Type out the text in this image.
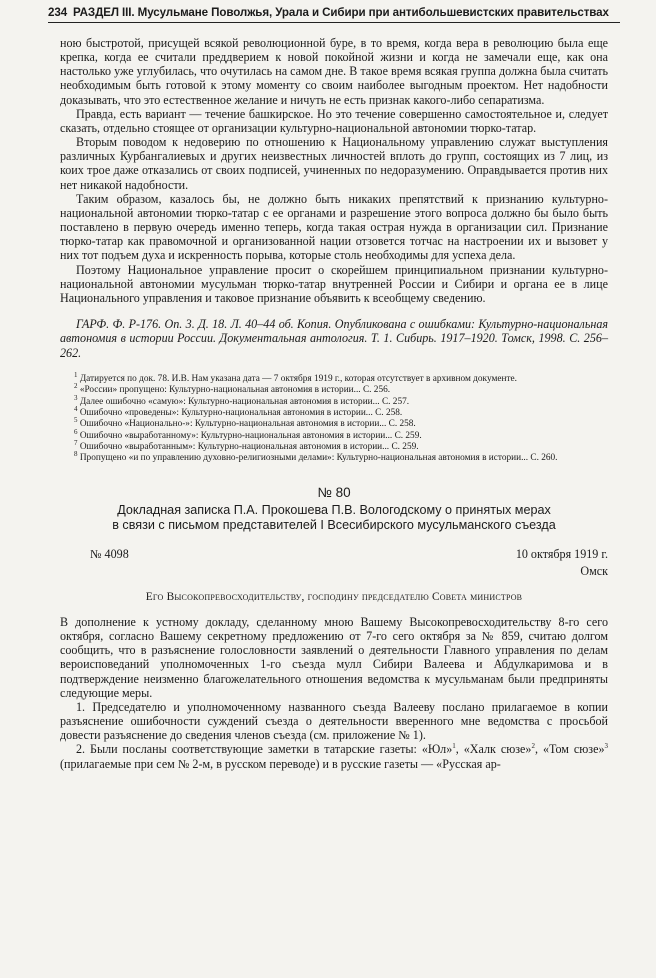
234 РАЗДЕЛ III. Мусульмане Поволжья, Урала и Сибири при антибольшевистских правительствах

ною быстротой, присущей всякой революционной буре, в то время, когда вера в революцию была еще крепка, когда ее считали преддверием к новой покойной жизни и когда не замечали еще, как она настолько уже углубилась, что очутилась на самом дне. В такое время всякая группа должна была считать необходимым быть готовой к этому моменту со своим наиболее выгодным проектом. Нет надобности доказывать, что это естественное желание и ничуть не есть признак какого-либо сепаратизма.

Правда, есть вариант — течение башкирское. Но это течение совершенно самостоятельное и, следует сказать, отдельно стоящее от организации культурно-национальной автономии тюрко-татар.

Вторым поводом к недоверию по отношению к Национальному управлению служат выступления различных Курбангалиевых и других неизвестных личностей вплоть до групп, состоящих из 7 лиц, из коих трое даже отказались от своих подписей, учиненных по недоразумению. Оправдывается против них нет никакой надобности.

Таким образом, казалось бы, не должно быть никаких препятствий к признанию культурно-национальной автономии тюрко-татар с ее органами и разрешение этого вопроса должно бы было быть поставлено в первую очередь именно теперь, когда такая острая нужда в организации сил. Признание тюрко-татар как правомочной и организованной нации отзовется тотчас на настроении их и вызовет у них тот подъем духа и искренность порыва, которые столь необходимы для успеха дела.

Поэтому Национальное управление просит о скорейшем принципиальном признании культурно-национальной автономии мусульман тюрко-татар внутренней России и Сибири и органа ее в лице Национального управления и таковое признание объявить к всеобщему сведению.

ГАРФ. Ф. Р-176. Оп. 3. Д. 18. Л. 40–44 об. Копия. Опубликована с ошибками: Культурно-национальная автономия в истории России. Документальная антология. Т. 1. Сибирь. 1917–1920. Томск, 1998. С. 256–262.
$^1$ Датируется по док. 78. И.В. Нам указана дата — 7 октября 1919 г., которая отсутствует в архивном документе.
$^2$ «России» пропущено: Культурно-национальная автономия в истории... С. 256.
$^3$ Далее ошибочно «самую»: Культурно-национальная автономия в истории... С. 257.
$^4$ Ошибочно «проведены»: Культурно-национальная автономия в истории... С. 258.
$^5$ Ошибочно «Национально-»: Культурно-национальная автономия в истории... С. 258.
$^6$ Ошибочно «выработанному»: Культурно-национальная автономия в истории... С. 259.
$^7$ Ошибочно «выработанным»: Культурно-национальная автономия в истории... С. 259.
$^8$ Пропущено «и по управлению духовно-религиозными делами»: Культурно-национальная автономия в истории... С. 260.
№ 80
Докладная записка П.А. Прокошева П.В. Вологодскому о принятых мерах
в связи с письмом представителей I Всесибирского мусульманского съезда
№ 4098	10 октября 1919 г.
Омск
Его Высокопревосходительству, господину председателю Совета министров

В дополнение к устному докладу, сделанному мною Вашему Высокопревосходительству 8-го сего октября, согласно Вашему секретному предложению от 7-го сего октября за № 859, считаю долгом сообщить, что в разъяснение голословности заявлений о деятельности Главного управления по делам вероисповеданий уполномоченных 1-го съезда мулл Сибири Валеева и Абдулкаримова и в подтверждение неизменно благожелательного отношения ведомства к мусульманам были предприняты следующие меры.

1. Председателю и уполномоченному названного съезда Валееву послано прилагаемое в копии разъяснение ошибочности суждений съезда о деятельности вверенного мне ведомства с просьбой довести разъяснение до сведения членов съезда (см. приложение № 1).

2. Были посланы соответствующие заметки в татарские газеты: «Юл»$^1$, «Халк сюзе»$^2$, «Том сюзе»$^3$ (прилагаемые при сем № 2-м, в русском переводе) и в русские газеты — «Русская ар-
